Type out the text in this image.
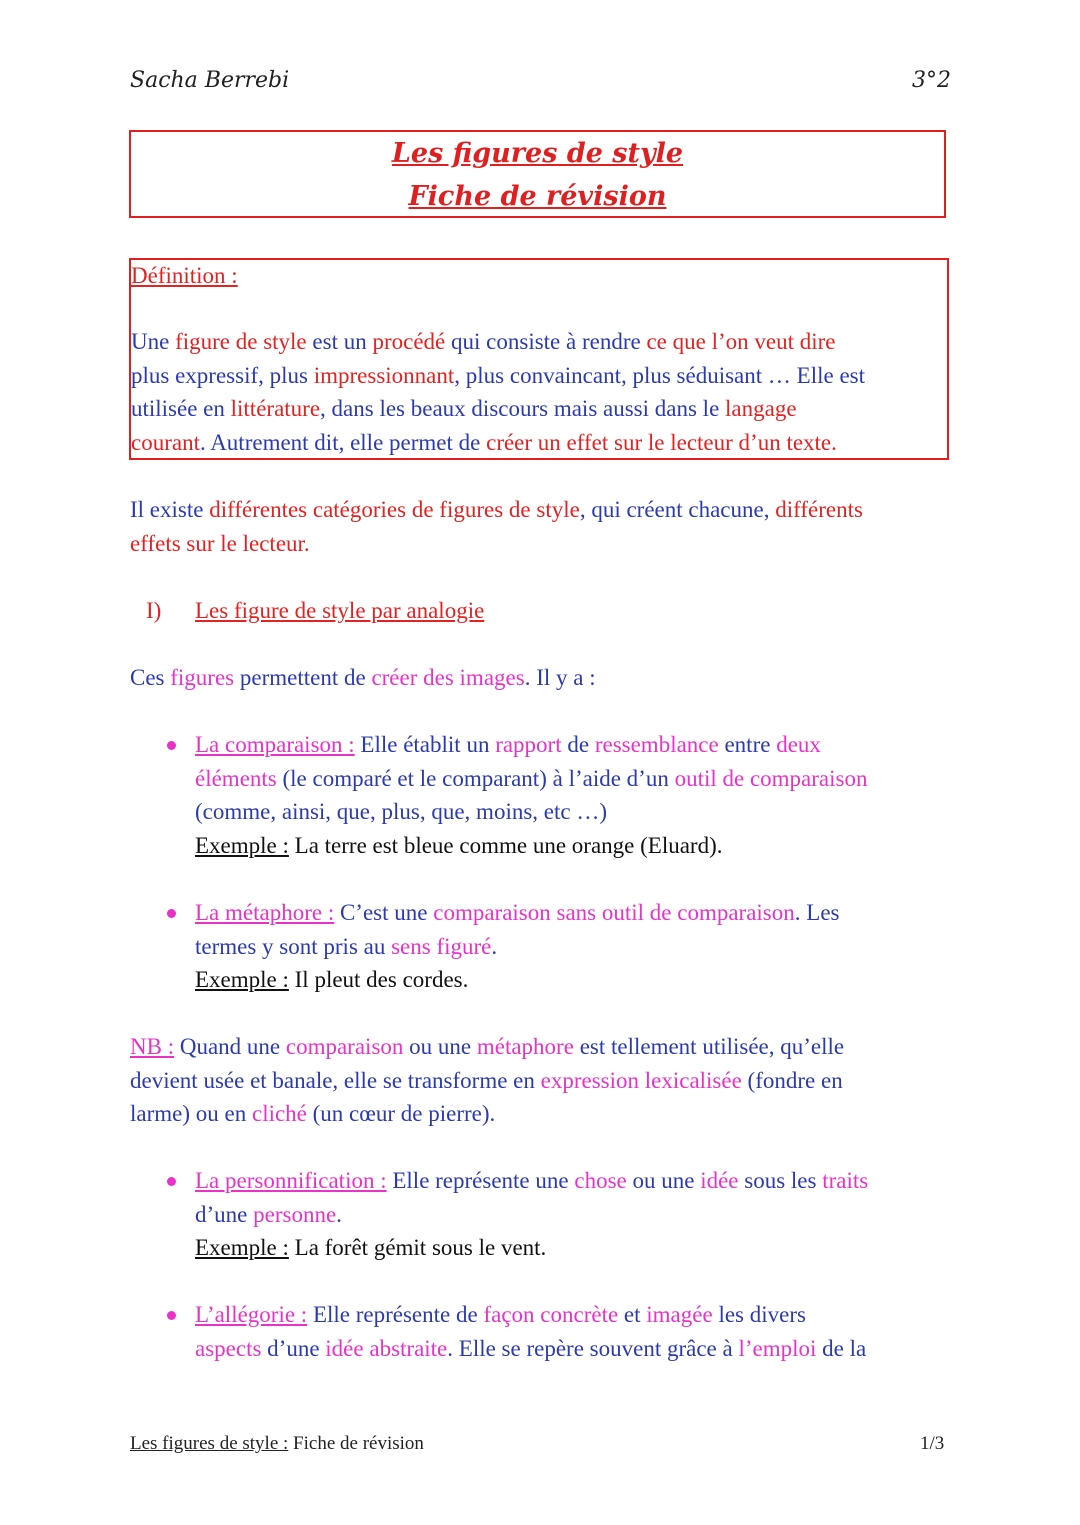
Sacha Berrebi	3°2
Les figures de style
Fiche de révision
Définition :
Une figure de style est un procédé qui consiste à rendre ce que l’on veut dire
plus expressif, plus impressionnant, plus convaincant, plus séduisant … Elle est
utilisée en littérature, dans les beaux discours mais aussi dans le langage
courant. Autrement dit, elle permet de créer un effet sur le lecteur d’un texte.
Il existe différentes catégories de figures de style, qui créent chacune, différents
effets sur le lecteur.
I) Les figure de style par analogie
Ces figures permettent de créer des images. Il y a :
La comparaison : Elle établit un rapport de ressemblance entre deux
éléments (le comparé et le comparant) à l’aide d’un outil de comparaison
(comme, ainsi, que, plus, que, moins, etc …)
Exemple : La terre est bleue comme une orange (Eluard).
La métaphore : C’est une comparaison sans outil de comparaison. Les
termes y sont pris au sens figuré.
Exemple : Il pleut des cordes.
NB : Quand une comparaison ou une métaphore est tellement utilisée, qu’elle
devient usée et banale, elle se transforme en expression lexicalisée (fondre en
larme) ou en cliché (un cœur de pierre).
La personnification : Elle représente une chose ou une idée sous les traits
d’une personne.
Exemple : La forêt gémit sous le vent.
L’allégorie : Elle représente de façon concrète et imagée les divers
aspects d’une idée abstraite. Elle se repère souvent grâce à l’emploi de la
Les figures de style : Fiche de révision	1/3
